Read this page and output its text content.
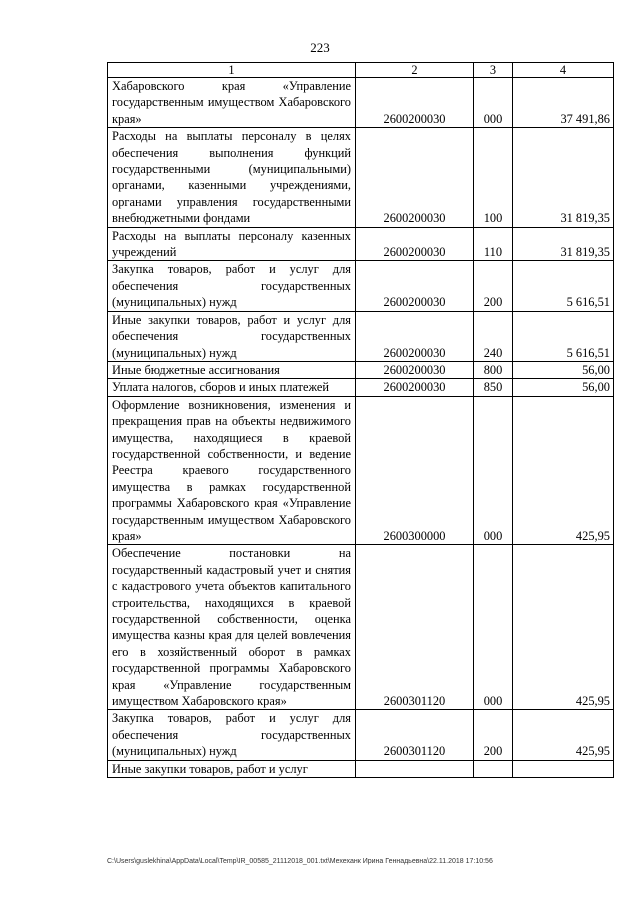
223
1	2	3	4
Хабаровского края «Управление государственным имуществом Хабаровского края»	2600200030	000	37 491,86
Расходы на выплаты персоналу в целях обеспечения выполнения функций государственными (муниципальными) органами, казенными учреждениями, органами управления государственными внебюджетными фондами	2600200030	100	31 819,35
Расходы на выплаты персоналу казенных учреждений	2600200030	110	31 819,35
Закупка товаров, работ и услуг для обеспечения государственных (муниципальных) нужд	2600200030	200	5 616,51
Иные закупки товаров, работ и услуг для обеспечения государственных (муниципальных) нужд	2600200030	240	5 616,51
Иные бюджетные ассигнования	2600200030	800	56,00
Уплата налогов, сборов и иных платежей	2600200030	850	56,00
Оформление возникновения, изменения и прекращения прав на объекты недвижимого имущества, находящиеся в краевой государственной собственности, и ведение Реестра краевого государственного имущества в рамках государственной программы Хабаровского края «Управление государственным имуществом Хабаровского края»	2600300000	000	425,95
Обеспечение постановки на государственный кадастровый учет и снятия с кадастрового учета объектов капитального строительства, находящихся в краевой государственной собственности, оценка имущества казны края для целей вовлечения его в хозяйственный оборот в рамках государственной программы Хабаровского края «Управление государственным имуществом Хабаровского края»	2600301120	000	425,95
Закупка товаров, работ и услуг для обеспечения государственных (муниципальных) нужд	2600301120	200	425,95
Иные закупки товаров, работ и услуг			
C:\Users\guslekhina\AppData\Local\Temp\IR_00585_21112018_001.txt\Мехеханк Ирина Геннадьевна\22.11.2018 17:10:56
